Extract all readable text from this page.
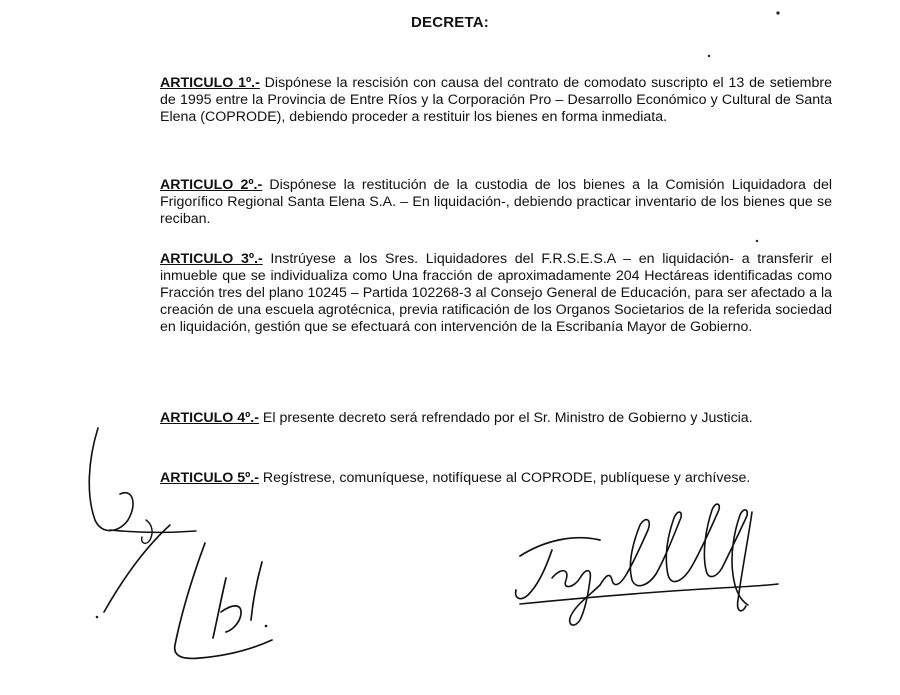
DECRETA:

ARTICULO 1º.- Dispónese la rescisión con causa del contrato de comodato suscripto el 13 de setiembre de 1995 entre la Provincia de Entre Ríos y la Corporación Pro – Desarrollo Económico y Cultural de Santa Elena (COPRODE), debiendo proceder a restituir los bienes en forma inmediata.

ARTICULO 2º.- Dispónese la restitución de la custodia de los bienes a la Comisión Liquidadora del Frigorífico Regional Santa Elena S.A. – En liquidación-, debiendo practicar inventario de los bienes que se reciban.

ARTICULO 3º.- Instrúyese a los Sres. Liquidadores del F.R.S.E.S.A – en liquidación- a transferir el inmueble que se individualiza como Una fracción de aproximadamente 204 Hectáreas identificadas como Fracción tres del plano 10245 – Partida 102268-3 al Consejo General de Educación, para ser afectado a la creación de una escuela agrotécnica, previa ratificación de los Organos Societarios de la referida sociedad en liquidación, gestión que se efectuará con intervención de la Escribanía Mayor de Gobierno.

ARTICULO 4º.- El presente decreto será refrendado por el Sr. Ministro de Gobierno y Justicia.

ARTICULO 5º.- Regístrese, comuníquese, notifíquese al COPRODE, publíquese y archívese.
